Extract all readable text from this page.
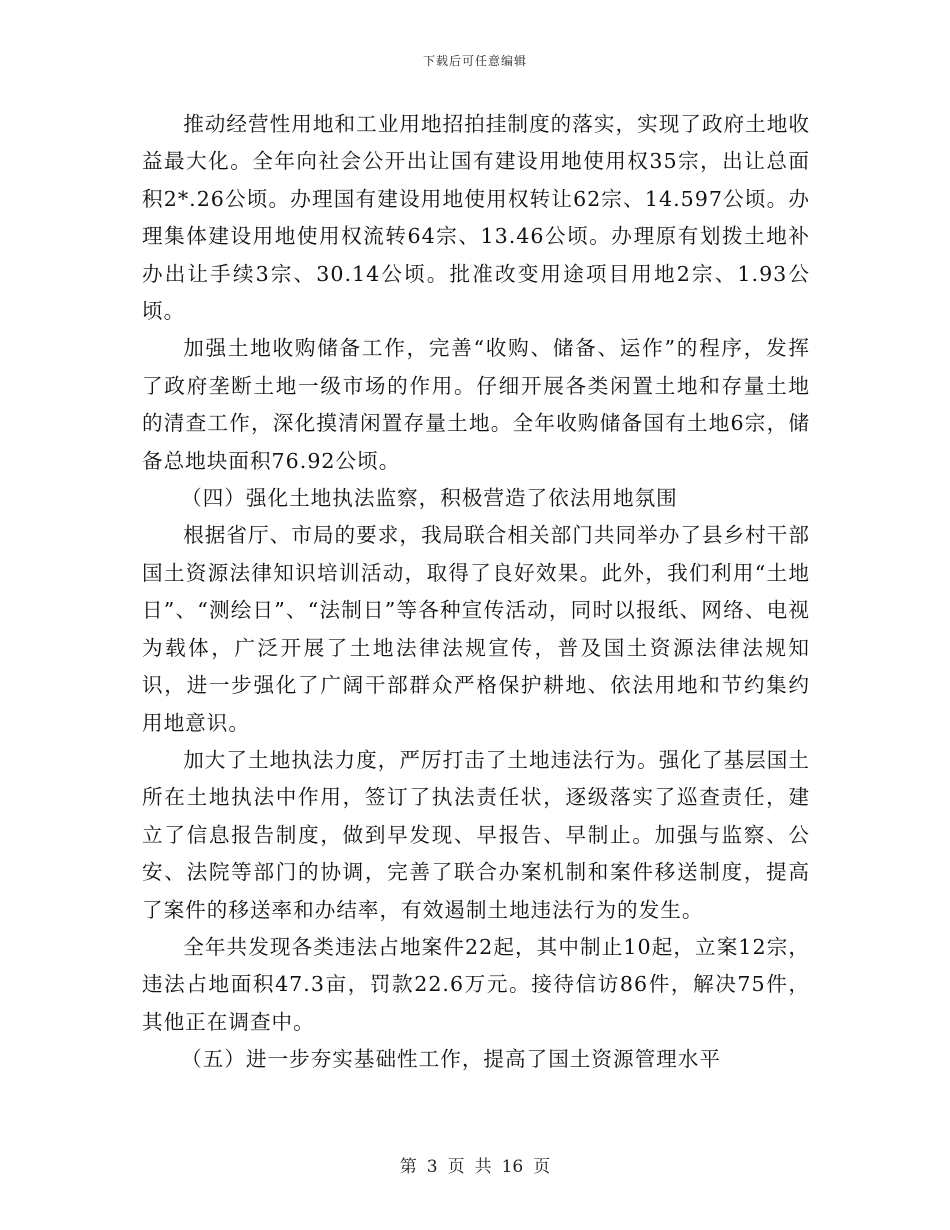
下载后可任意编辑

推动经营性用地和工业用地招拍挂制度的落实，实现了政府土地收益最大化。全年向社会公开出让国有建设用地使用权35宗，出让总面积2*.26公顷。办理国有建设用地使用权转让62宗、14.597公顷。办理集体建设用地使用权流转64宗、13.46公顷。办理原有划拨土地补办出让手续3宗、30.14公顷。批准改变用途项目用地2宗、1.93公顷。

加强土地收购储备工作，完善“收购、储备、运作”的程序，发挥了政府垄断土地一级市场的作用。仔细开展各类闲置土地和存量土地的清查工作，深化摸清闲置存量土地。全年收购储备国有土地6宗，储备总地块面积76.92公顷。

（四）强化土地执法监察，积极营造了依法用地氛围

根据省厅、市局的要求，我局联合相关部门共同举办了县乡村干部国土资源法律知识培训活动，取得了良好效果。此外，我们利用“土地日”、“测绘日”、“法制日”等各种宣传活动，同时以报纸、网络、电视为载体，广泛开展了土地法律法规宣传，普及国土资源法律法规知识，进一步强化了广阔干部群众严格保护耕地、依法用地和节约集约用地意识。

加大了土地执法力度，严厉打击了土地违法行为。强化了基层国土所在土地执法中作用，签订了执法责任状，逐级落实了巡查责任，建立了信息报告制度，做到早发现、早报告、早制止。加强与监察、公安、法院等部门的协调，完善了联合办案机制和案件移送制度，提高了案件的移送率和办结率，有效遏制土地违法行为的发生。

全年共发现各类违法占地案件22起，其中制止10起，立案12宗，违法占地面积47.3亩，罚款22.6万元。接待信访86件，解决75件，其他正在调查中。

（五）进一步夯实基础性工作，提高了国土资源管理水平

第 3 页 共 16 页
